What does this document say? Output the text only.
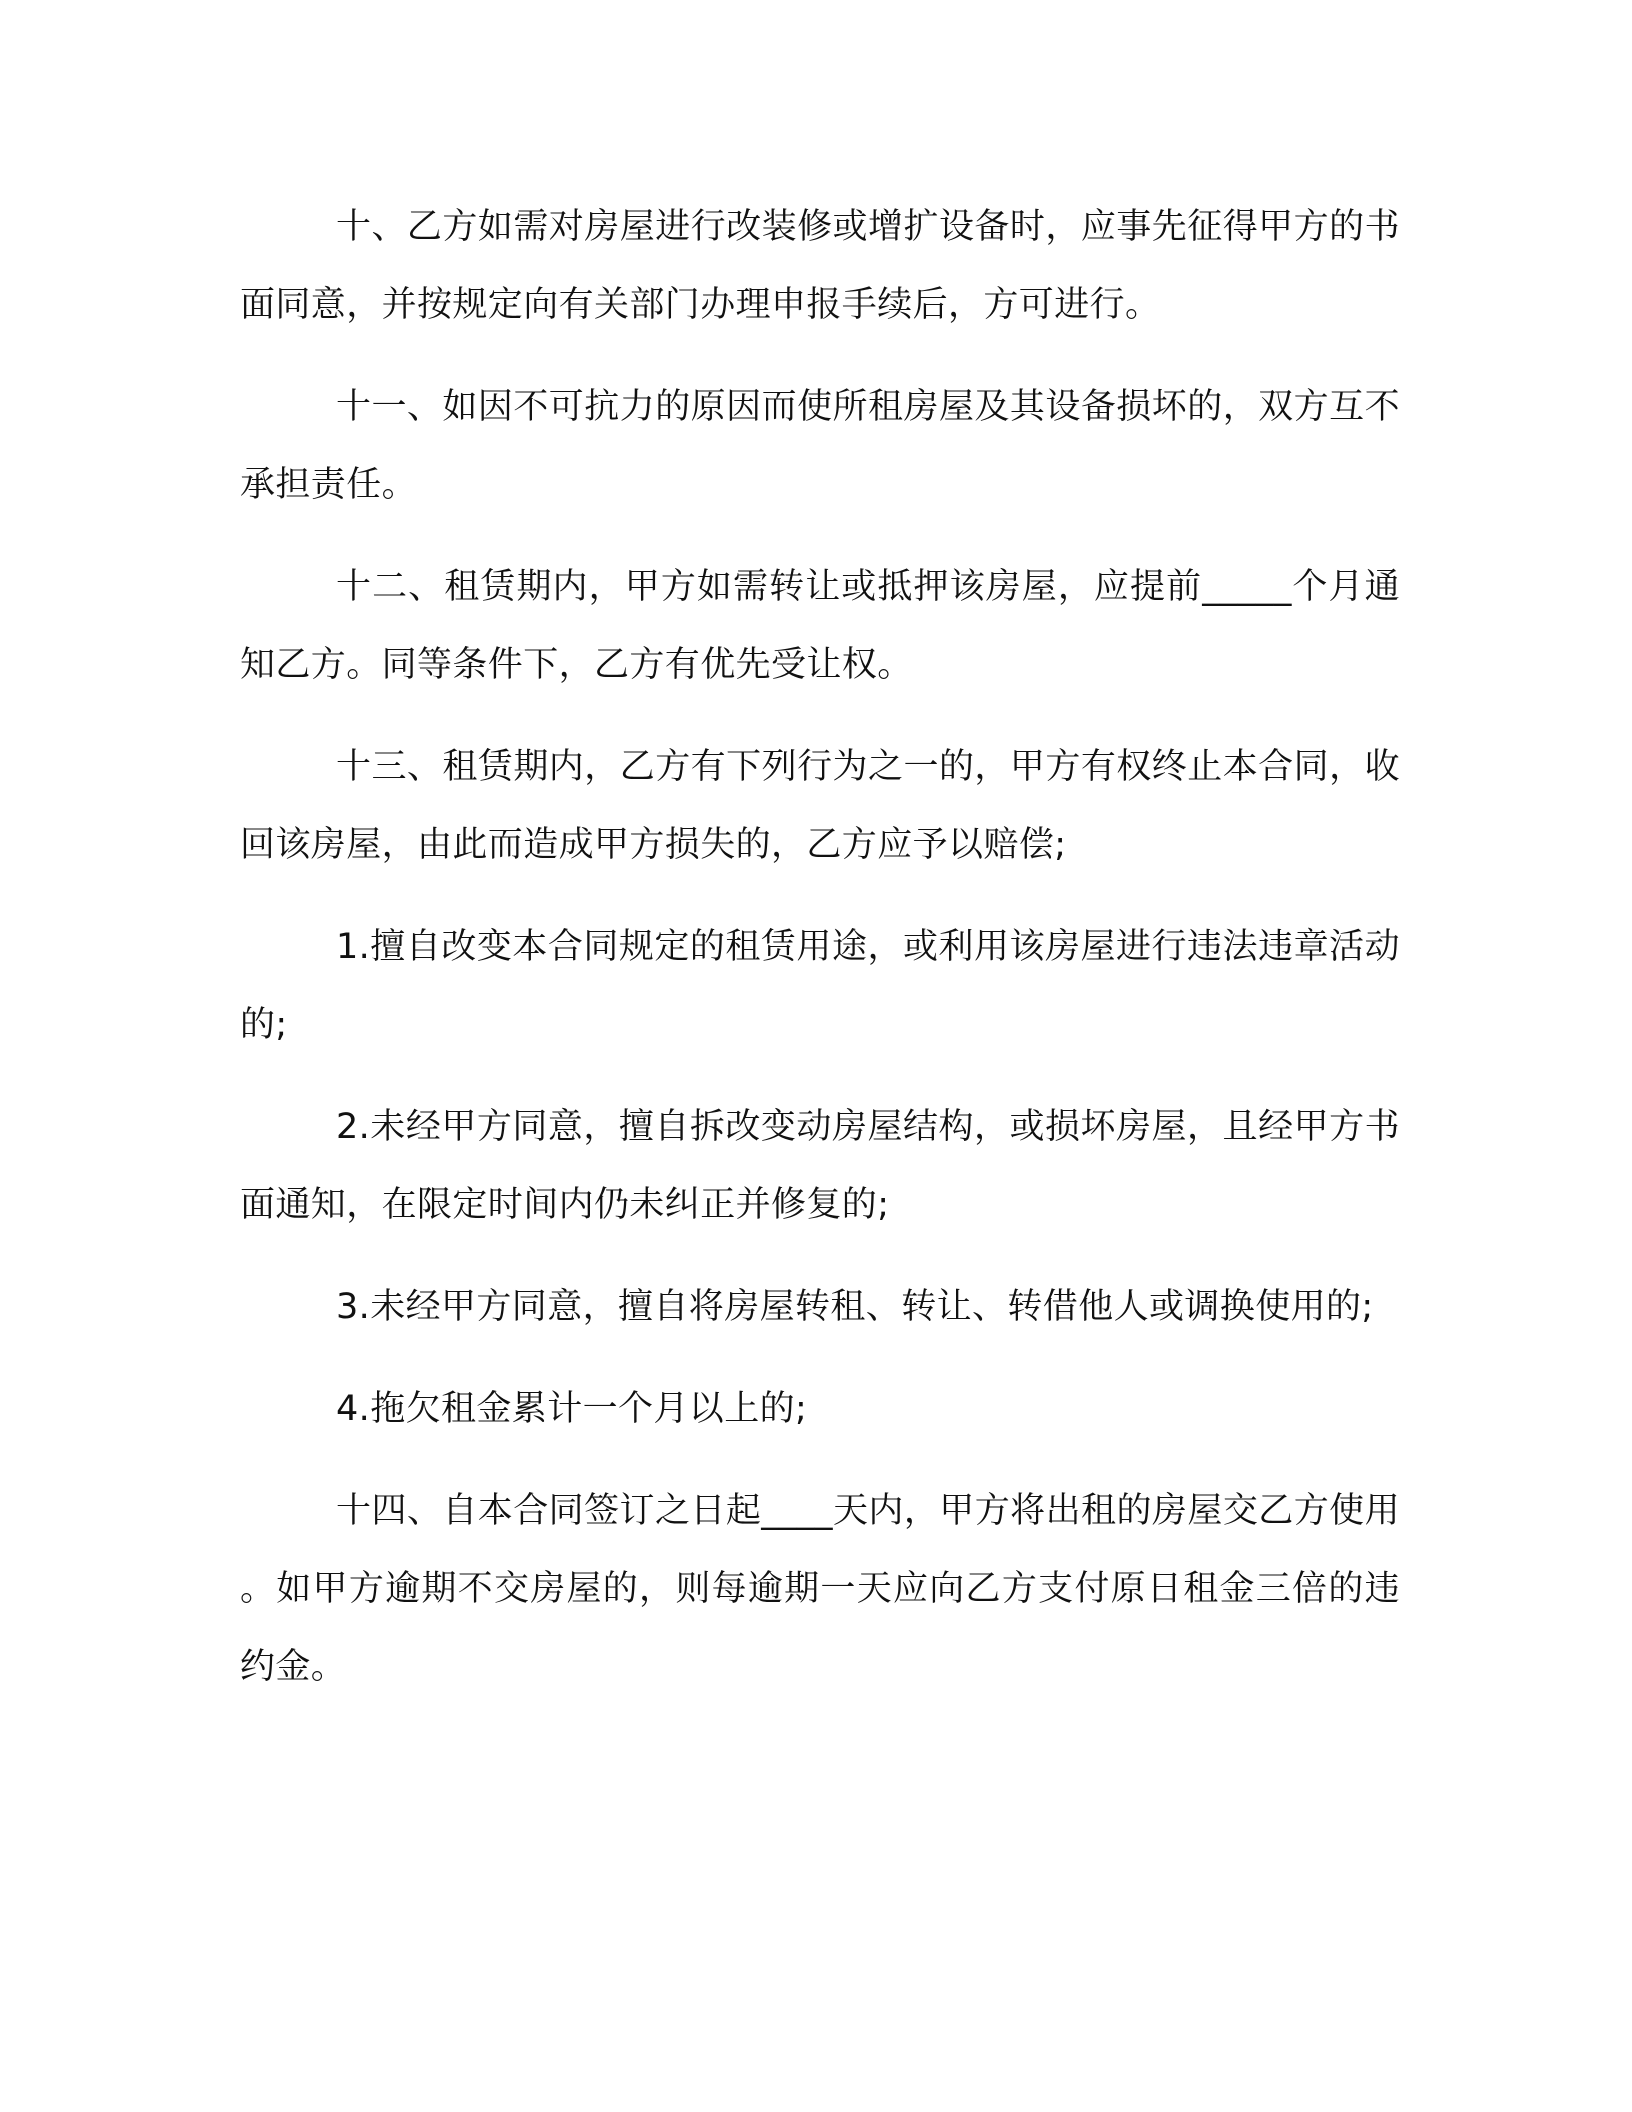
十、乙方如需对房屋进行改装修或增扩设备时，应事先征得甲方的书面同意，并按规定向有关部门办理申报手续后，方可进行。

十一、如因不可抗力的原因而使所租房屋及其设备损坏的，双方互不承担责任。

十二、租赁期内，甲方如需转让或抵押该房屋，应提前_____个月通知乙方。同等条件下，乙方有优先受让权。

十三、租赁期内，乙方有下列行为之一的，甲方有权终止本合同，收回该房屋，由此而造成甲方损失的，乙方应予以赔偿;

1.擅自改变本合同规定的租赁用途，或利用该房屋进行违法违章活动的;

2.未经甲方同意，擅自拆改变动房屋结构，或损坏房屋，且经甲方书面通知，在限定时间内仍未纠正并修复的;

3.未经甲方同意，擅自将房屋转租、转让、转借他人或调换使用的;

4.拖欠租金累计一个月以上的;

十四、自本合同签订之日起____天内，甲方将出租的房屋交乙方使用。如甲方逾期不交房屋的，则每逾期一天应向乙方支付原日租金三倍的违约金。
